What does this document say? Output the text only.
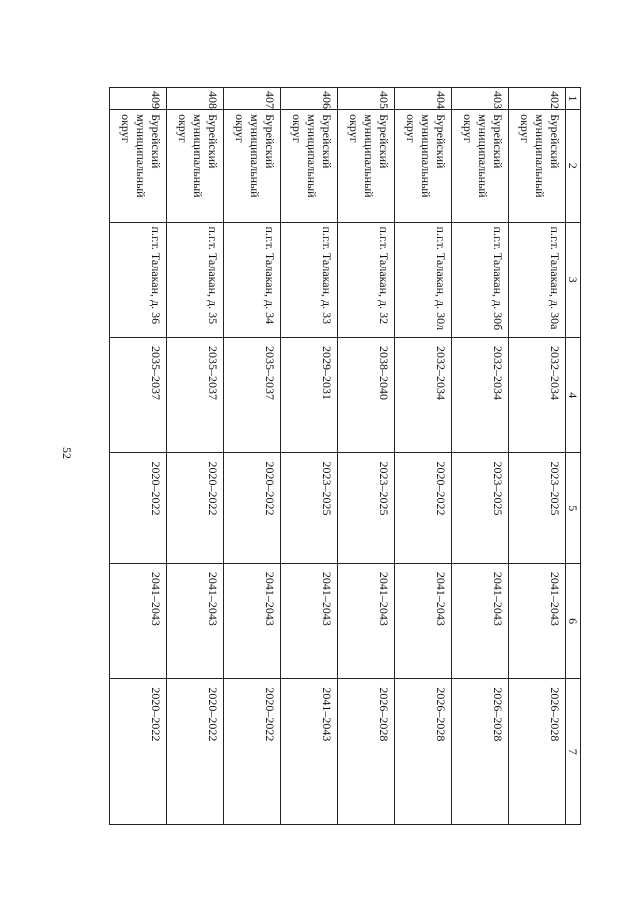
52
1	2	3	4	5	6	7
402	Бурейский муниципальный округ	п.г.т. Талакан, д. 30а	2032–2034	2023–2025	2041–2043	2026–2028
403	Бурейский муниципальный округ	п.г.т. Талакан, д. 30б	2032–2034	2023–2025	2041–2043	2026–2028
404	Бурейский муниципальный округ	п.г.т. Талакан, д. 30л	2032–2034	2020–2022	2041–2043	2026–2028
405	Бурейский муниципальный округ	п.г.т. Талакан, д. 32	2038–2040	2023–2025	2041–2043	2026–2028
406	Бурейский муниципальный округ	п.г.т. Талакан, д. 33	2029–2031	2023–2025	2041–2043	2041–2043
407	Бурейский муниципальный округ	п.г.т. Талакан, д. 34	2035–2037	2020–2022	2041–2043	2020–2022
408	Бурейский муниципальный округ	п.г.т. Талакан, д. 35	2035–2037	2020–2022	2041–2043	2020–2022
409	Бурейский муниципальный округ	п.г.т. Талакан, д. 36	2035–2037	2020–2022	2041–2043	2020–2022
